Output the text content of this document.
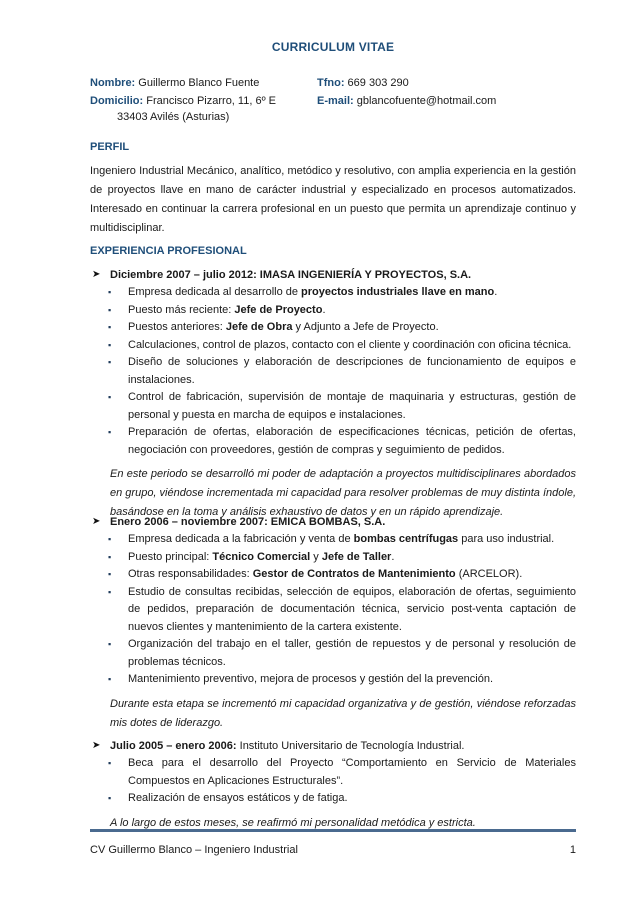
CURRICULUM VITAE
Nombre: Guillermo Blanco Fuente
Domicilio: Francisco Pizarro, 11, 6º E
33403 Avilés (Asturias)
Tfno: 669 303 290
E-mail: gblancofuente@hotmail.com
PERFIL
Ingeniero Industrial Mecánico, analítico, metódico y resolutivo, con amplia experiencia en la gestión de proyectos llave en mano de carácter industrial y especializado en procesos automatizados. Interesado en continuar la carrera profesional en un puesto que permita un aprendizaje continuo y multidisciplinar.
EXPERIENCIA PROFESIONAL
➤ Diciembre 2007 – julio 2012: IMASA INGENIERÍA Y PROYECTOS, S.A.
▪ Empresa dedicada al desarrollo de proyectos industriales llave en mano.
▪ Puesto más reciente: Jefe de Proyecto.
▪ Puestos anteriores: Jefe de Obra y Adjunto a Jefe de Proyecto.
▪ Calculaciones, control de plazos, contacto con el cliente y coordinación con oficina técnica.
▪ Diseño de soluciones y elaboración de descripciones de funcionamiento de equipos e instalaciones.
▪ Control de fabricación, supervisión de montaje de maquinaria y estructuras, gestión de personal y puesta en marcha de equipos e instalaciones.
▪ Preparación de ofertas, elaboración de especificaciones técnicas, petición de ofertas, negociación con proveedores, gestión de compras y seguimiento de pedidos.
En este periodo se desarrolló mi poder de adaptación a proyectos multidisciplinares abordados en grupo, viéndose incrementada mi capacidad para resolver problemas de muy distinta índole, basándose en la toma y análisis exhaustivo de datos y en un rápido aprendizaje.
➤ Enero 2006 – noviembre 2007: EMICA BOMBAS, S.A.
▪ Empresa dedicada a la fabricación y venta de bombas centrífugas para uso industrial.
▪ Puesto principal: Técnico Comercial y Jefe de Taller.
▪ Otras responsabilidades: Gestor de Contratos de Mantenimiento (ARCELOR).
▪ Estudio de consultas recibidas, selección de equipos, elaboración de ofertas, seguimiento de pedidos, preparación de documentación técnica, servicio post-venta captación de nuevos clientes y mantenimiento de la cartera existente.
▪ Organización del trabajo en el taller, gestión de repuestos y de personal y resolución de problemas técnicos.
▪ Mantenimiento preventivo, mejora de procesos y gestión del la prevención.
Durante esta etapa se incrementó mi capacidad organizativa y de gestión, viéndose reforzadas mis dotes de liderazgo.
➤ Julio 2005 – enero 2006: Instituto Universitario de Tecnología Industrial.
▪ Beca para el desarrollo del Proyecto “Comportamiento en Servicio de Materiales Compuestos en Aplicaciones Estructurales”.
▪ Realización de ensayos estáticos y de fatiga.
A lo largo de estos meses, se reafirmó mi personalidad metódica y estricta.
CV Guillermo Blanco – Ingeniero Industrial	1
